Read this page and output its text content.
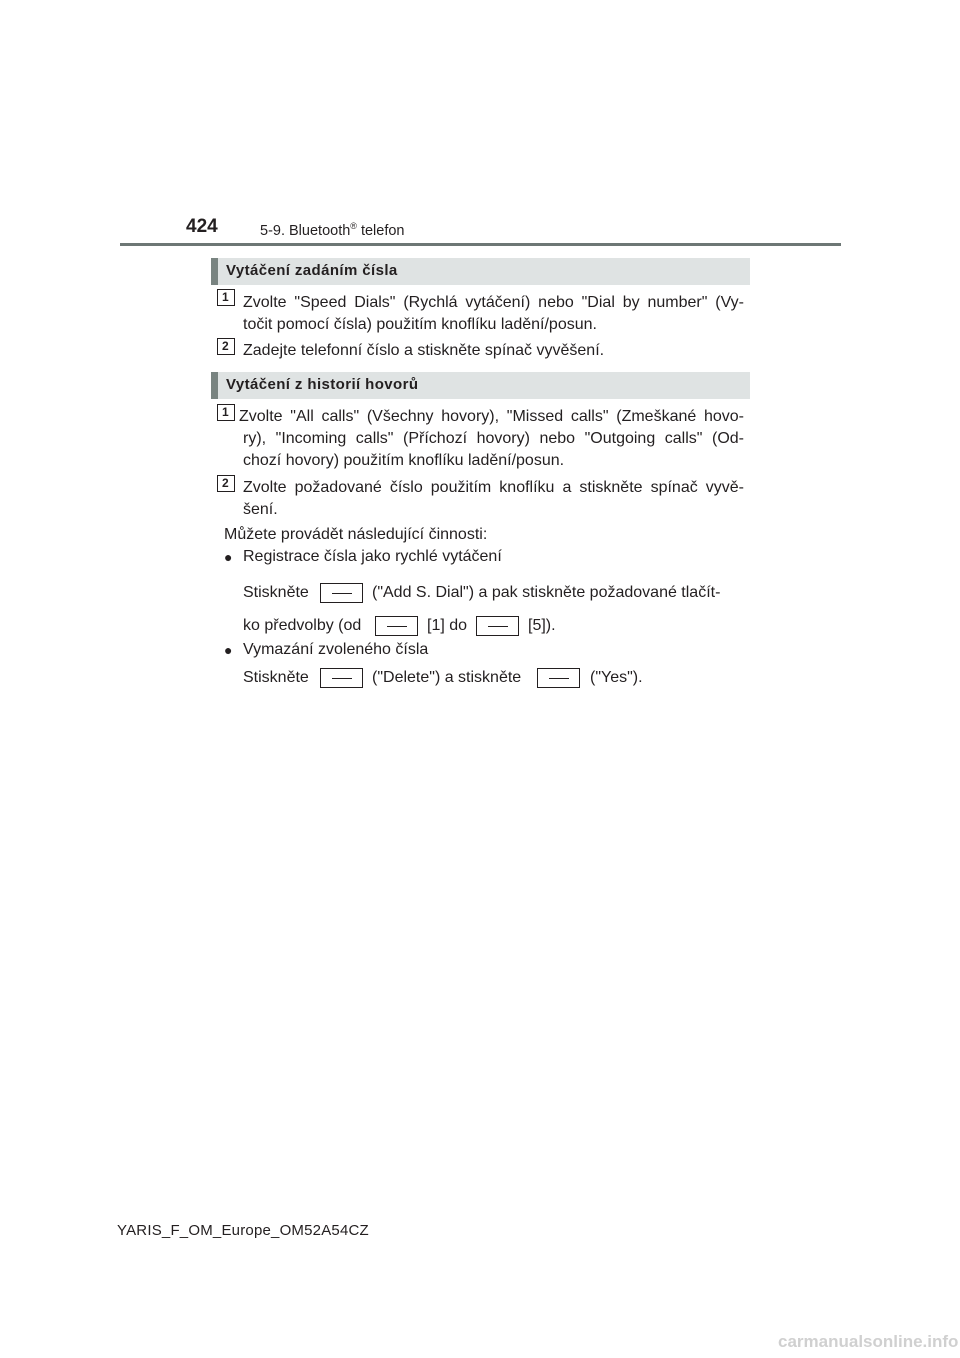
424	5-9. Bluetooth® telefon
Vytáčení zadáním čísla
1 Zvolte "Speed Dials" (Rychlá vytáčení) nebo "Dial by number" (Vy-
točit pomocí čísla) použitím knoflíku ladění/posun.
2 Zadejte telefonní číslo a stiskněte spínač vyvěšení.
Vytáčení z historií hovorů
1 Zvolte "All calls" (Všechny hovory), "Missed calls" (Zmeškané hovo-
ry), "Incoming calls" (Příchozí hovory) nebo "Outgoing calls" (Od-
chozí hovory) použitím knoflíku ladění/posun.
2 Zvolte požadované číslo použitím knoflíku a stiskněte spínač vyvě-
šení.
Můžete provádět následující činnosti:
● Registrace čísla jako rychlé vytáčení
Stiskněte	("Add S. Dial") a pak stiskněte požadované tlačít-
ko předvolby (od	[1] do	[5]).
● Vymazání zvoleného čísla
Stiskněte	("Delete") a stiskněte	("Yes").
YARIS_F_OM_Europe_OM52A54CZ
carmanualsonline.info
